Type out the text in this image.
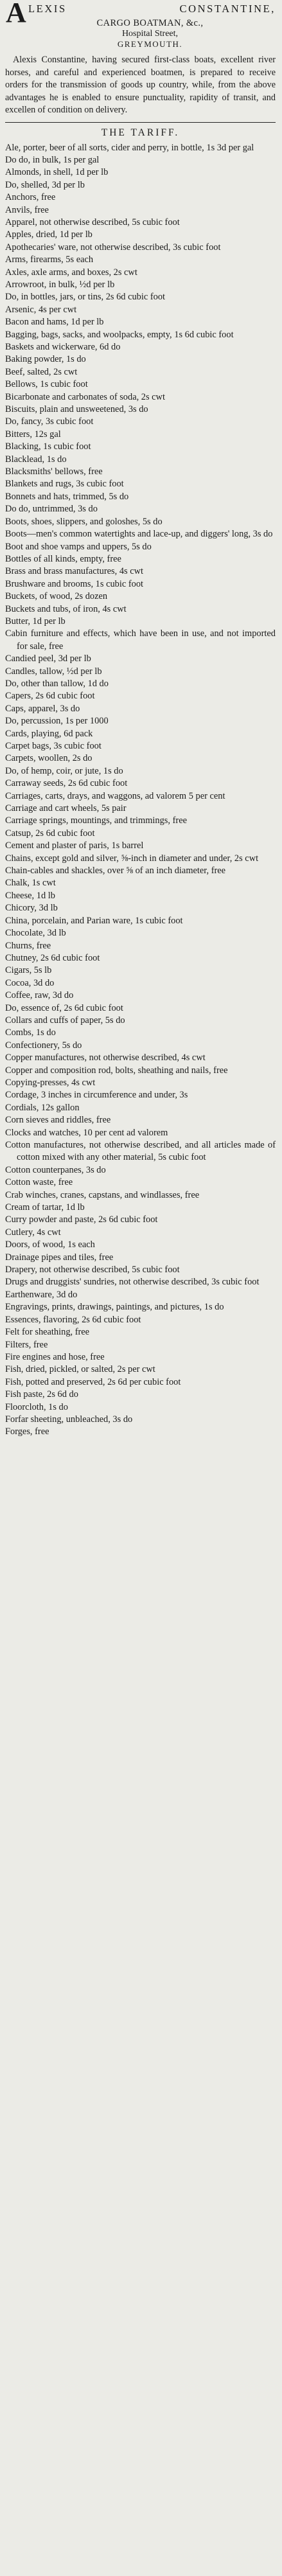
A LEXIS CONSTANTINE,
CARGO BOATMAN, &c.,
Hospital Street,
GREYMOUTH.

Alexis Constantine, having secured first-class boats, excellent river horses, and careful and experienced boatmen, is prepared to receive orders for the transmission of goods up country, while, from the above advantages he is enabled to ensure punctuality, rapidity of transit, and excellen of condition on delivery.

THE TARIFF.
Ale, porter, beer of all sorts, cider and perry, in bottle, 1s 3d per gal
Do do, in bulk, 1s per gal
Almonds, in shell, 1d per lb
Do, shelled, 3d per lb
Anchors, free
Anvils, free
Apparel, not otherwise described, 5s cubic foot
Apples, dried, 1d per lb
Apothecaries' ware, not otherwise described, 3s cubic foot
Arms, firearms, 5s each
Axles, axle arms, and boxes, 2s cwt
Arrowroot, in bulk, ½d per lb
Do, in bottles, jars, or tins, 2s 6d cubic foot
Arsenic, 4s per cwt
Bacon and hams, 1d per lb
Bagging, bags, sacks, and woolpacks, empty, 1s 6d cubic foot
Baskets and wickerware, 6d do
Baking powder, 1s do
Beef, salted, 2s cwt
Bellows, 1s cubic foot
Bicarbonate and carbonates of soda, 2s cwt
Biscuits, plain and unsweetened, 3s do
Do, fancy, 3s cubic foot
Bitters, 12s gal
Blacking, 1s cubic foot
Blacklead, 1s do
Blacksmiths' bellows, free
Blankets and rugs, 3s cubic foot
Bonnets and hats, trimmed, 5s do
Do do, untrimmed, 3s do
Boots, shoes, slippers, and goloshes, 5s do
Boots—men's common watertights and lace-up, and diggers' long, 3s do
Boot and shoe vamps and uppers, 5s do
Bottles of all kinds, empty, free
Brass and brass manufactures, 4s cwt
Brushware and brooms, 1s cubic foot
Buckets, of wood, 2s dozen
Buckets and tubs, of iron, 4s cwt
Butter, 1d per lb
Cabin furniture and effects, which have been in use, and not imported for sale, free
Candied peel, 3d per lb
Candles, tallow, ½d per lb
Do, other than tallow, 1d do
Capers, 2s 6d cubic foot
Caps, apparel, 3s do
Do, percussion, 1s per 1000
Cards, playing, 6d pack
Carpet bags, 3s cubic foot
Carpets, woollen, 2s do
Do, of hemp, coir, or jute, 1s do
Carraway seeds, 2s 6d cubic foot
Carriages, carts, drays, and waggons, ad valorem 5 per cent
Carriage and cart wheels, 5s pair
Carriage springs, mountings, and trimmings, free
Catsup, 2s 6d cubic foot
Cement and plaster of paris, 1s barrel
Chains, except gold and silver, ⅝-inch in diameter and under, 2s cwt
Chain-cables and shackles, over ⅝ of an inch diameter, free
Chalk, 1s cwt
Cheese, 1d lb
Chicory, 3d lb
China, porcelain, and Parian ware, 1s cubic foot
Chocolate, 3d lb
Churns, free
Chutney, 2s 6d cubic foot
Cigars, 5s lb
Cocoa, 3d do
Coffee, raw, 3d do
Do, essence of, 2s 6d cubic foot
Collars and cuffs of paper, 5s do
Combs, 1s do
Confectionery, 5s do
Copper manufactures, not otherwise described, 4s cwt
Copper and composition rod, bolts, sheathing and nails, free
Copying-presses, 4s cwt
Cordage, 3 inches in circumference and under, 3s
Cordials, 12s gallon
Corn sieves and riddles, free
Clocks and watches, 10 per cent ad valorem
Cotton manufactures, not otherwise described, and all articles made of cotton mixed with any other material, 5s cubic foot
Cotton counterpanes, 3s do
Cotton waste, free
Crab winches, cranes, capstans, and windlasses, free
Cream of tartar, 1d lb
Curry powder and paste, 2s 6d cubic foot
Cutlery, 4s cwt
Doors, of wood, 1s each
Drainage pipes and tiles, free
Drapery, not otherwise described, 5s cubic foot
Drugs and druggists' sundries, not otherwise described, 3s cubic foot
Earthenware, 3d do
Engravings, prints, drawings, paintings, and pictures, 1s do
Essences, flavoring, 2s 6d cubic foot
Felt for sheathing, free
Filters, free
Fire engines and hose, free
Fish, dried, pickled, or salted, 2s per cwt
Fish, potted and preserved, 2s 6d per cubic foot
Fish paste, 2s 6d do
Floorcloth, 1s do
Forfar sheeting, unbleached, 3s do
Forges, free
